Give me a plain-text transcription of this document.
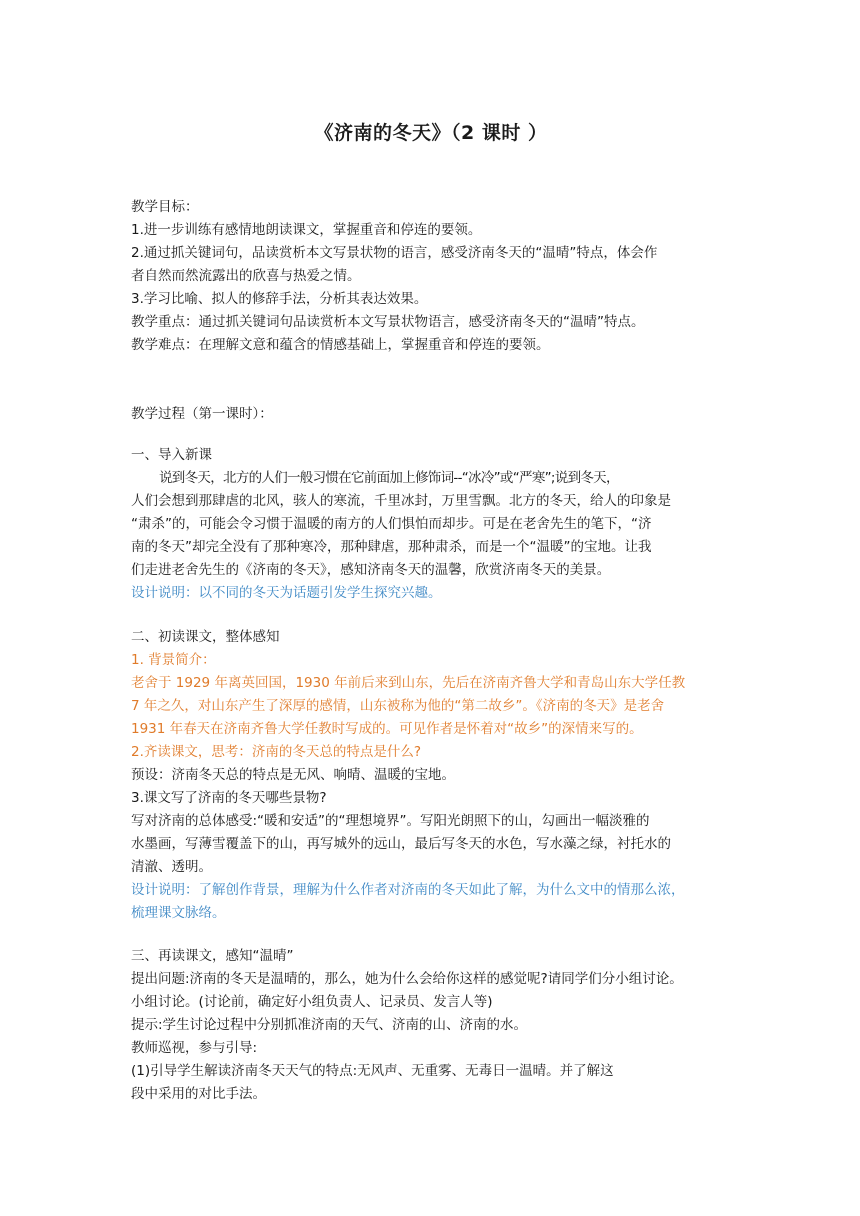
《济南的冬天》（2 课时 ）
教学目标：
1.进一步训练有感情地朗读课文，掌握重音和停连的要领。
2.通过抓关键词句，品读赏析本文写景状物的语言，感受济南冬天的“温晴”特点，体会作
者自然而然流露出的欣喜与热爱之情。
3.学习比喻、拟人的修辞手法，分析其表达效果。
教学重点：通过抓关键词句品读赏析本文写景状物语言，感受济南冬天的“温晴”特点。
教学难点：在理解文意和蕴含的情感基础上，掌握重音和停连的要领。
教学过程（第一课时）：
一、导入新课
说到冬天，北方的人们一般习惯在它前面加上修饰词--“冰冷”或“严寒”;说到冬天，
人们会想到那肆虐的北风，骇人的寒流，千里冰封，万里雪飘。北方的冬天，给人的印象是
“肃杀”的，可能会令习惯于温暖的南方的人们惧怕而却步。可是在老舍先生的笔下，“济
南的冬天”却完全没有了那种寒冷，那种肆虐，那种肃杀，而是一个“温暖”的宝地。让我
们走进老舍先生的《济南的冬天》，感知济南冬天的温馨，欣赏济南冬天的美景。
设计说明：以不同的冬天为话题引发学生探究兴趣。
二、初读课文，整体感知
1. 背景简介：
老舍于 1929 年离英回国，1930 年前后来到山东，先后在济南齐鲁大学和青岛山东大学任教
7 年之久，对山东产生了深厚的感情，山东被称为他的“第二故乡”。《济南的冬天》是老舍
1931 年春天在济南齐鲁大学任教时写成的。可见作者是怀着对“故乡”的深情来写的。
2.齐读课文，思考：济南的冬天总的特点是什么?
预设：济南冬天总的特点是无风、响晴、温暖的宝地。
3.课文写了济南的冬天哪些景物?
写对济南的总体感受:“暖和安适”的“理想境界”。写阳光朗照下的山，勾画出一幅淡雅的
水墨画，写薄雪覆盖下的山，再写城外的远山，最后写冬天的水色，写水藻之绿，衬托水的
清澈、透明。
设计说明：了解创作背景，理解为什么作者对济南的冬天如此了解，为什么文中的情那么浓，
梳理课文脉络。
三、再读课文，感知“温晴”
提出问题:济南的冬天是温晴的，那么，她为什么会给你这样的感觉呢?请同学们分小组讨论。
小组讨论。(讨论前，确定好小组负责人、记录员、发言人等)
提示:学生讨论过程中分别抓准济南的天气、济南的山、济南的水。
教师巡视，参与引导:
(1)引导学生解读济南冬天天气的特点:无风声、无重雾、无毒日一温晴。并了解这
段中采用的对比手法。
